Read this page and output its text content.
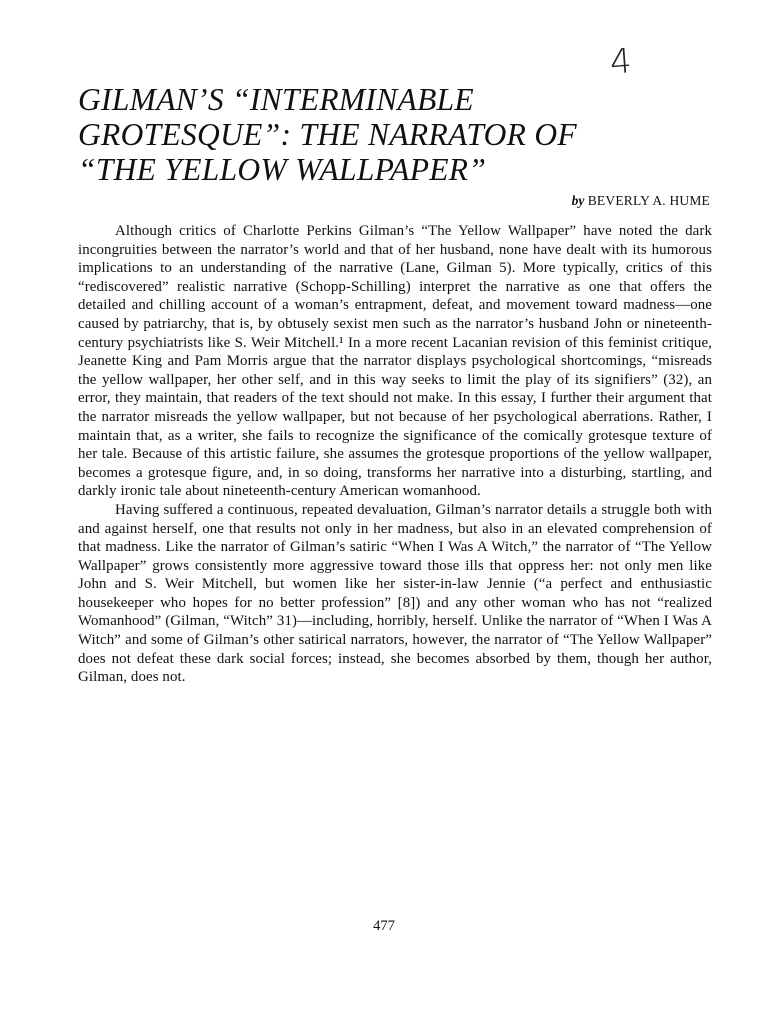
4
GILMAN’S “INTERMINABLE
GROTESQUE”: THE NARRATOR OF
“THE YELLOW WALLPAPER”
by BEVERLY A. HUME

Although critics of Charlotte Perkins Gilman’s “The Yellow Wallpaper” have noted the dark incongruities between the narrator’s world and that of her husband, none have dealt with its humorous implications to an understanding of the narrative (Lane, Gilman 5). More typically, critics of this “rediscovered” realistic narrative (Schopp-Schilling) interpret the narrative as one that offers the detailed and chilling account of a woman’s entrapment, defeat, and movement toward madness—one caused by patriarchy, that is, by obtusely sexist men such as the narrator’s husband John or nineteenth-century psychiatrists like S. Weir Mitchell.¹ In a more recent Lacanian revision of this feminist critique, Jeanette King and Pam Morris argue that the narrator displays psychological shortcomings, “misreads the yellow wallpaper, her other self, and in this way seeks to limit the play of its signifiers” (32), an error, they maintain, that readers of the text should not make. In this essay, I further their argument that the narrator misreads the yellow wallpaper, but not because of her psychological aberrations. Rather, I maintain that, as a writer, she fails to recognize the significance of the comically grotesque texture of her tale. Because of this artistic failure, she assumes the grotesque proportions of the yellow wallpaper, becomes a grotesque figure, and, in so doing, transforms her narrative into a disturbing, startling, and darkly ironic tale about nineteenth-century American womanhood.

Having suffered a continuous, repeated devaluation, Gilman’s narrator details a struggle both with and against herself, one that results not only in her madness, but also in an elevated comprehension of that madness. Like the narrator of Gilman’s satiric “When I Was A Witch,” the narrator of “The Yellow Wallpaper” grows consistently more aggressive toward those ills that oppress her: not only men like John and S. Weir Mitchell, but women like her sister-in-law Jennie (“a perfect and enthusiastic housekeeper who hopes for no better profession” [8]) and any other woman who has not “realized Womanhood” (Gilman, “Witch” 31)—including, horribly, herself. Unlike the narrator of “When I Was A Witch” and some of Gilman’s other satirical narrators, however, the narrator of “The Yellow Wallpaper” does not defeat these dark social forces; instead, she becomes absorbed by them, though her author, Gilman, does not.

477
